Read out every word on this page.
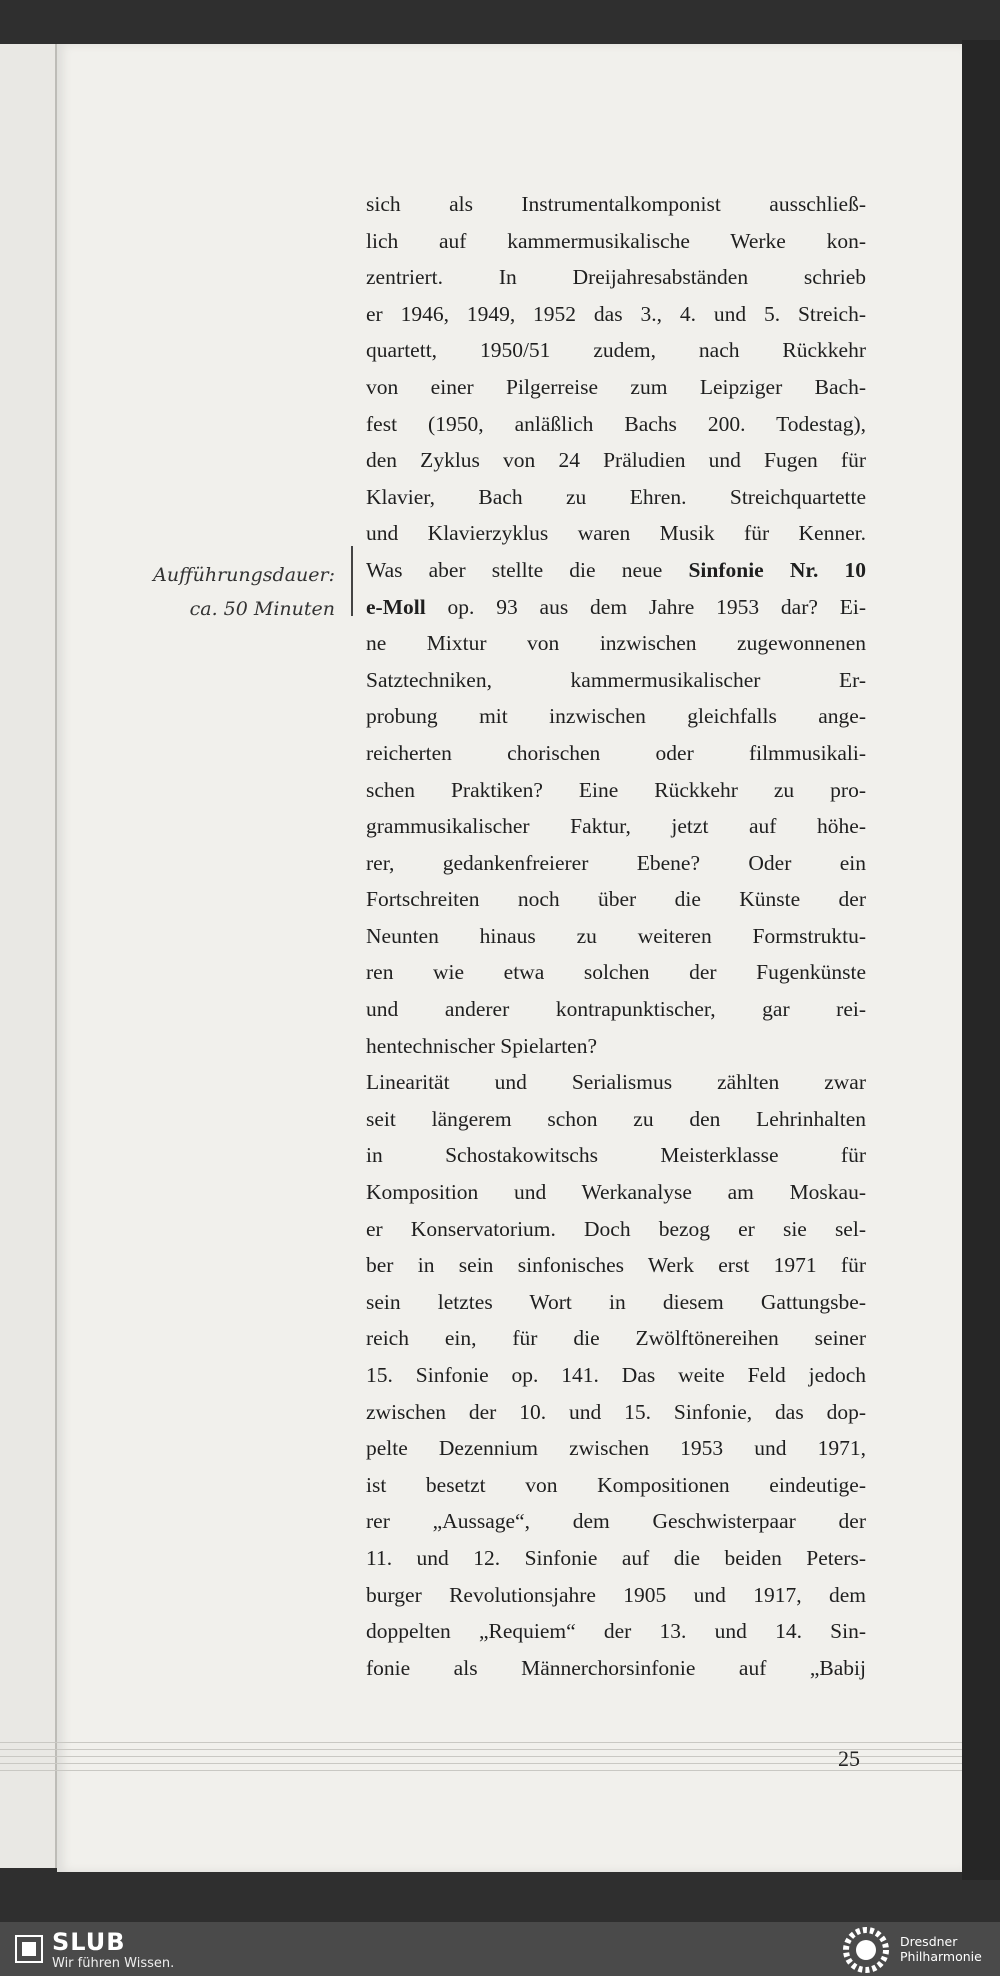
Aufführungsdauer:
ca. 50 Minuten
sich als Instrumentalkomponist ausschließ-
lich auf kammermusikalische Werke kon-
zentriert. In Dreijahresabständen schrieb
er 1946, 1949, 1952 das 3., 4. und 5. Streich-
quartett, 1950/51 zudem, nach Rückkehr
von einer Pilgerreise zum Leipziger Bach-
fest (1950, anläßlich Bachs 200. Todestag),
den Zyklus von 24 Präludien und Fugen für
Klavier, Bach zu Ehren. Streichquartette
und Klavierzyklus waren Musik für Kenner.
Was aber stellte die neue Sinfonie Nr. 10
e-Moll op. 93 aus dem Jahre 1953 dar? Ei-
ne Mixtur von inzwischen zugewonnenen
Satztechniken, kammermusikalischer Er-
probung mit inzwischen gleichfalls ange-
reicherten chorischen oder filmmusikali-
schen Praktiken? Eine Rückkehr zu pro-
grammusikalischer Faktur, jetzt auf höhe-
rer, gedankenfreierer Ebene? Oder ein
Fortschreiten noch über die Künste der
Neunten hinaus zu weiteren Formstruktu-
ren wie etwa solchen der Fugenkünste
und anderer kontrapunktischer, gar rei-
hentechnischer Spielarten?
Linearität und Serialismus zählten zwar
seit längerem schon zu den Lehrinhalten
in Schostakowitschs Meisterklasse für
Komposition und Werkanalyse am Moskau-
er Konservatorium. Doch bezog er sie sel-
ber in sein sinfonisches Werk erst 1971 für
sein letztes Wort in diesem Gattungsbe-
reich ein, für die Zwölftönereihen seiner
15. Sinfonie op. 141. Das weite Feld jedoch
zwischen der 10. und 15. Sinfonie, das dop-
pelte Dezennium zwischen 1953 und 1971,
ist besetzt von Kompositionen eindeutige-
rer „Aussage“, dem Geschwisterpaar der
11. und 12. Sinfonie auf die beiden Peters-
burger Revolutionsjahre 1905 und 1917, dem
doppelten „Requiem“ der 13. und 14. Sin-
fonie als Männerchorsinfonie auf „Babij
25
SLUB
Wir führen Wissen.
Dresdner
Philharmonie
